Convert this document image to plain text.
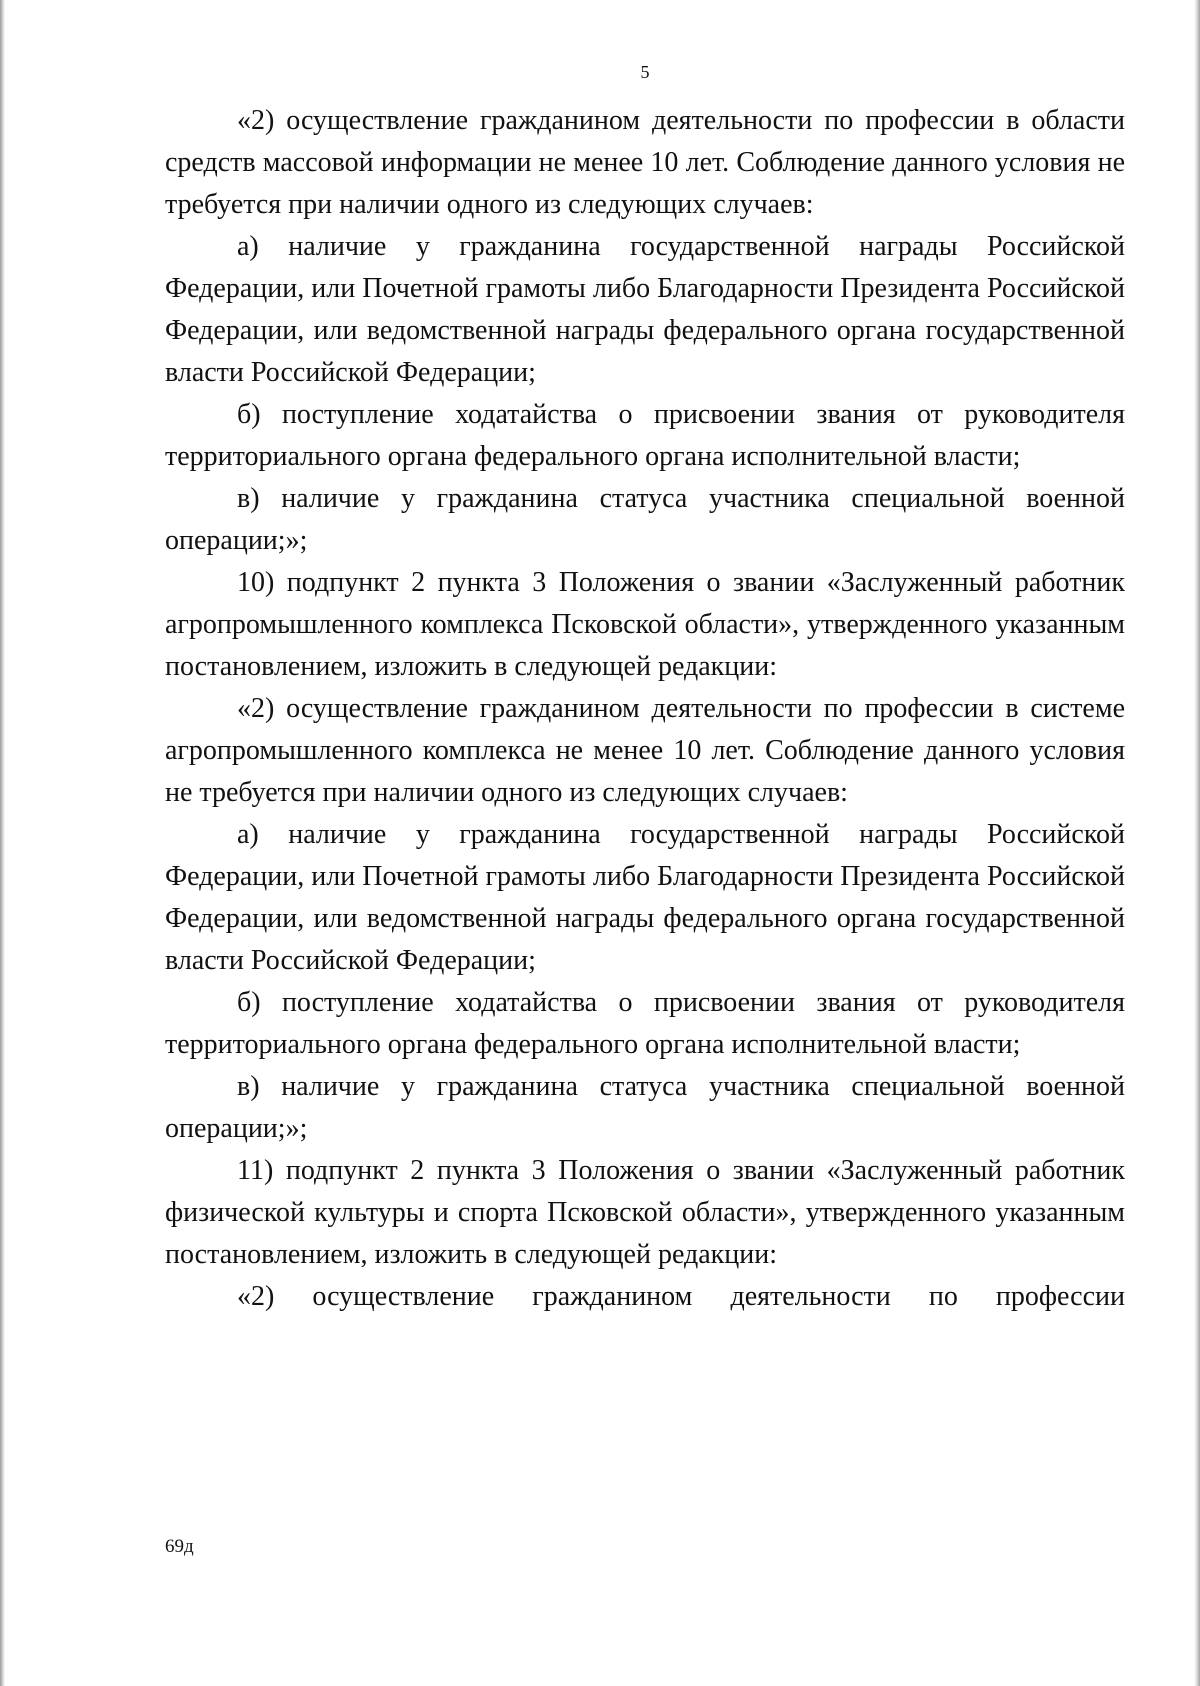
5

«2) осуществление гражданином деятельности по профессии в области средств массовой информации не менее 10 лет. Соблюдение данного условия не требуется при наличии одного из следующих случаев:

а) наличие у гражданина государственной награды Российской Федерации, или Почетной грамоты либо Благодарности Президента Российской Федерации, или ведомственной награды федерального органа государственной власти Российской Федерации;

б) поступление ходатайства о присвоении звания от руководителя территориального органа федерального органа исполнительной власти;

в) наличие у гражданина статуса участника специальной военной операции;»;

10) подпункт 2 пункта 3 Положения о звании «Заслуженный работник агропромышленного комплекса Псковской области», утвержденного указанным постановлением, изложить в следующей редакции:

«2) осуществление гражданином деятельности по профессии в системе агропромышленного комплекса не менее 10 лет. Соблюдение данного условия не требуется при наличии одного из следующих случаев:

а) наличие у гражданина государственной награды Российской Федерации, или Почетной грамоты либо Благодарности Президента Российской Федерации, или ведомственной награды федерального органа государственной власти Российской Федерации;

б) поступление ходатайства о присвоении звания от руководителя территориального органа федерального органа исполнительной власти;

в) наличие у гражданина статуса участника специальной военной операции;»;

11) подпункт 2 пункта 3 Положения о звании «Заслуженный работник физической культуры и спорта Псковской области», утвержденного указанным постановлением, изложить в следующей редакции:

«2) осуществление гражданином деятельности по профессии

69д
